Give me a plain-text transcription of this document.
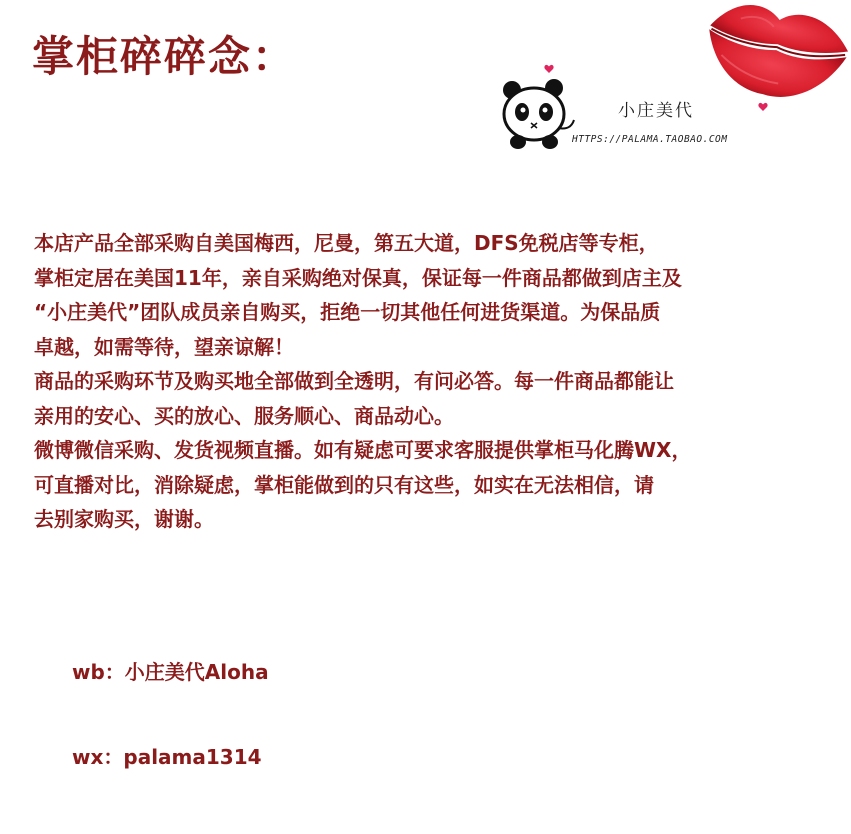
掌柜碎碎念：
小庄美代
HTTPS://PALAMA.TAOBAO.COM

本店产品全部采购自美国梅西，尼曼，第五大道，DFS免税店等专柜，

掌柜定居在美国11年，亲自采购绝对保真，保证每一件商品都做到店主及

“小庄美代”团队成员亲自购买，拒绝一切其他任何进货渠道。为保品质

卓越，如需等待，望亲谅解！

商品的采购环节及购买地全部做到全透明，有问必答。每一件商品都能让

亲用的安心、买的放心、服务顺心、商品动心。

微博微信采购、发货视频直播。如有疑虑可要求客服提供掌柜马化腾WX，

可直播对比，消除疑虑，掌柜能做到的只有这些，如实在无法相信，请

去别家购买，谢谢。

wb：小庄美代Aloha

wx：palama1314
